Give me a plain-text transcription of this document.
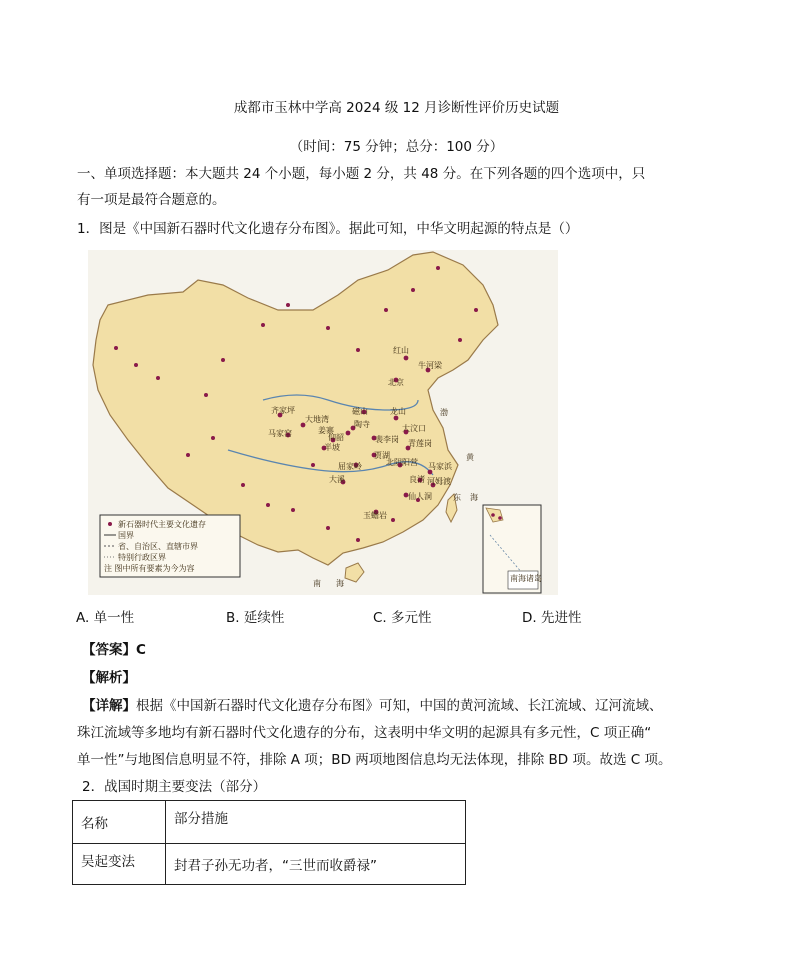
成都市玉林中学高 2024 级 12 月诊断性评价历史试题
（时间：75 分钟；总分：100 分）
一、单项选择题：本大题共 24 个小题，每小题 2 分，共 48 分。在下列各题的四个选项中，只
有一项是最符合题意的。
1．图是《中国新石器时代文化遗存分布图》。据此可知，中华文明起源的特点是（）
渤
黄
东 海
南 海
红山
北京
牛河梁
齐家坪
大地湾
马家窑
磁山
陶寺	大汶口
龙山
裴李岗
仰韶
半坡
姜寨
贾湖
青莲岗
北阴阳营
屈家岭	马家浜
良渚 河姆渡
大溪
仙人洞
玉蟾岩
新石器时代主要文化遗存
国界
省、自治区、直辖市界
特别行政区界
注 图中所有要素为今为容
南海诸岛
A. 单一性	B. 延续性	C. 多元性	D. 先进性
【答案】C
【解析】
【详解】根据《中国新石器时代文化遗存分布图》可知，中国的黄河流域、长江流域、辽河流域、
珠江流域等多地均有新石器时代文化遗存的分布，这表明中华文明的起源具有多元性，C 项正确“
单一性”与地图信息明显不符，排除 A 项；BD 两项地图信息均无法体现，排除 BD 项。故选 C 项。
2．战国时期主要变法（部分）
名称	部分措施
吴起变法	封君子孙无功者，“三世而收爵禄”
